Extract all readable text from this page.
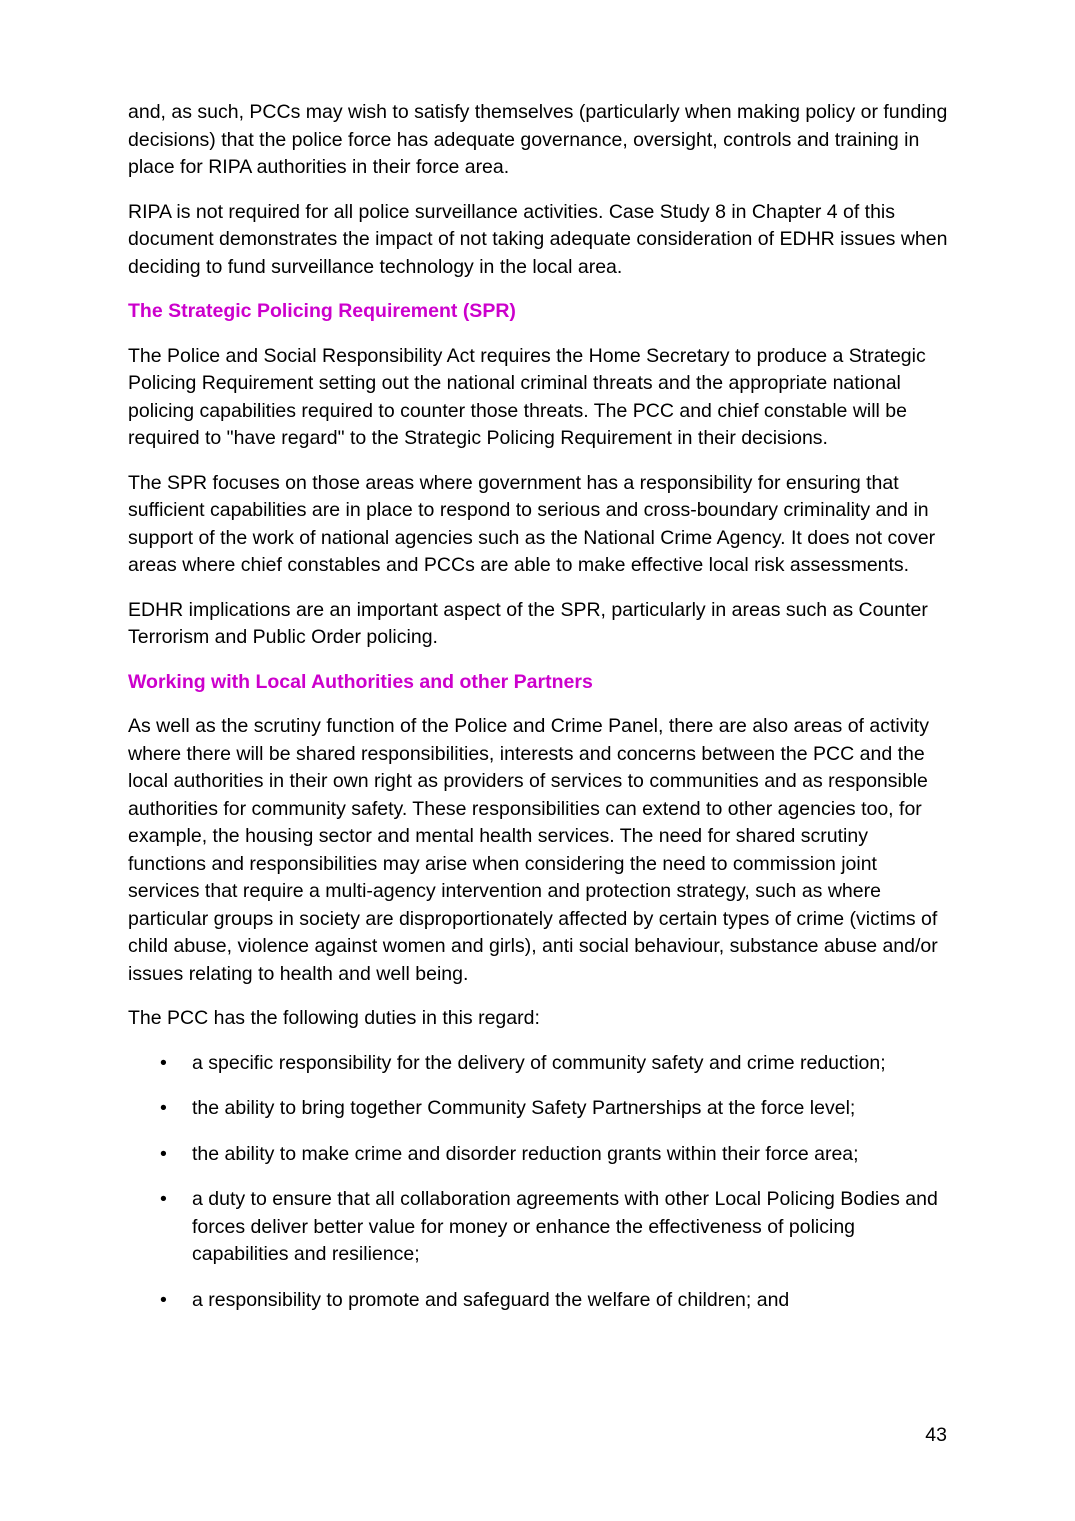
and, as such, PCCs may wish to satisfy themselves (particularly when making policy or funding decisions) that the police force has adequate governance, oversight, controls and training in place for RIPA authorities in their force area.

RIPA is not required for all police surveillance activities. Case Study 8 in Chapter 4 of this document demonstrates the impact of not taking adequate consideration of EDHR issues when deciding to fund surveillance technology in the local area.

The Strategic Policing Requirement (SPR)

The Police and Social Responsibility Act requires the Home Secretary to produce a Strategic Policing Requirement setting out the national criminal threats and the appropriate national policing capabilities required to counter those threats. The PCC and chief constable will be required to "have regard" to the Strategic Policing Requirement in their decisions.

The SPR focuses on those areas where government has a responsibility for ensuring that sufficient capabilities are in place to respond to serious and cross-boundary criminality and in support of the work of national agencies such as the National Crime Agency. It does not cover areas where chief constables and PCCs are able to make effective local risk assessments.

EDHR implications are an important aspect of the SPR, particularly in areas such as Counter Terrorism and Public Order policing.

Working with Local Authorities and other Partners

As well as the scrutiny function of the Police and Crime Panel, there are also areas of activity where there will be shared responsibilities, interests and concerns between the PCC and the local authorities in their own right as providers of services to communities and as responsible authorities for community safety. These responsibilities can extend to other agencies too, for example, the housing sector and mental health services. The need for shared scrutiny functions and responsibilities may arise when considering the need to commission joint services that require a multi-agency intervention and protection strategy, such as where particular groups in society are disproportionately affected by certain types of crime (victims of child abuse, violence against women and girls), anti social behaviour, substance abuse and/or issues relating to health and well being.

The PCC has the following duties in this regard:

• a specific responsibility for the delivery of community safety and crime reduction;
• the ability to bring together Community Safety Partnerships at the force level;
• the ability to make crime and disorder reduction grants within their force area;
• a duty to ensure that all collaboration agreements with other Local Policing Bodies and forces deliver better value for money or enhance the effectiveness of policing capabilities and resilience;
• a responsibility to promote and safeguard the welfare of children; and
43
